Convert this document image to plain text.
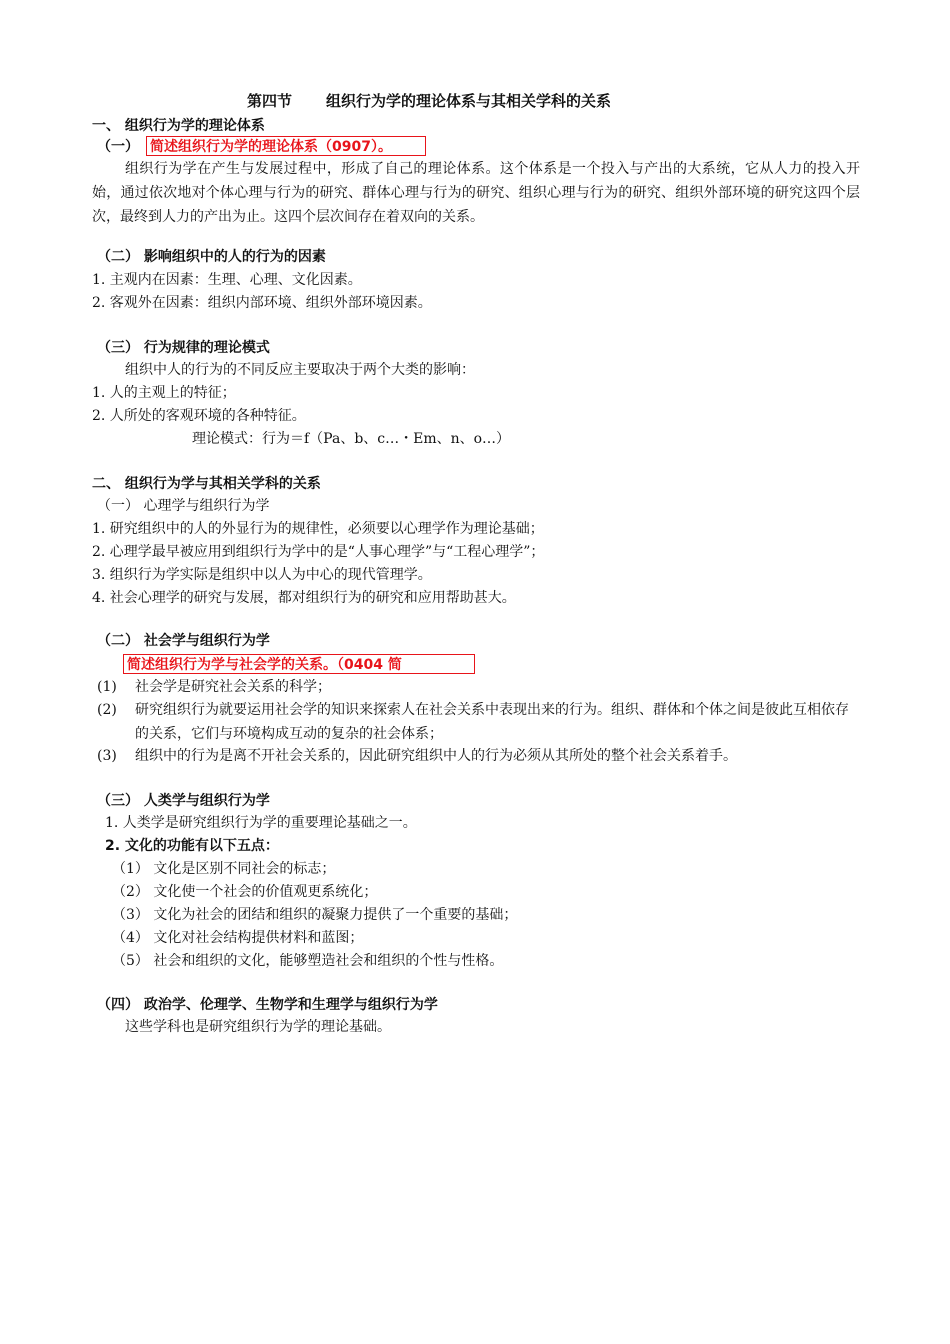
第四节 组织行为学的理论体系与其相关学科的关系
一、 组织行为学的理论体系
（一） 简述组织行为学的理论体系（0907）。
组织行为学在产生与发展过程中，形成了自己的理论体系。这个体系是一个投入与产出的大系统，它从人力的投入开始，通过依次地对个体心理与行为的研究、群体心理与行为的研究、组织心理与行为的研究、组织外部环境的研究这四个层次，最终到人力的产出为止。这四个层次间存在着双向的关系。
（二） 影响组织中的人的行为的因素
1. 主观内在因素：生理、心理、文化因素。
2. 客观外在因素：组织内部环境、组织外部环境因素。
（三） 行为规律的理论模式
组织中人的行为的不同反应主要取决于两个大类的影响：
1. 人的主观上的特征；
2. 人所处的客观环境的各种特征。
理论模式：行为＝f（Pa、b、c…・Em、n、o…）
二、 组织行为学与其相关学科的关系
（一） 心理学与组织行为学
1. 研究组织中的人的外显行为的规律性，必须要以心理学作为理论基础；
2. 心理学最早被应用到组织行为学中的是“人事心理学”与“工程心理学”；
3. 组织行为学实际是组织中以人为中心的现代管理学。
4. 社会心理学的研究与发展，都对组织行为的研究和应用帮助甚大。
（二） 社会学与组织行为学
简述组织行为学与社会学的关系。（0404 简
(1) 社会学是研究社会关系的科学；
(2) 研究组织行为就要运用社会学的知识来探索人在社会关系中表现出来的行为。组织、群体和个体之间是彼此互相依存的关系，它们与环境构成互动的复杂的社会体系；
(3) 组织中的行为是离不开社会关系的，因此研究组织中人的行为必须从其所处的整个社会关系着手。
（三） 人类学与组织行为学
1. 人类学是研究组织行为学的重要理论基础之一。
2. 文化的功能有以下五点：
（1） 文化是区别不同社会的标志；
（2） 文化使一个社会的价值观更系统化；
（3） 文化为社会的团结和组织的凝聚力提供了一个重要的基础；
（4） 文化对社会结构提供材料和蓝图；
（5） 社会和组织的文化，能够塑造社会和组织的个性与性格。
（四） 政治学、伦理学、生物学和生理学与组织行为学
这些学科也是研究组织行为学的理论基础。
